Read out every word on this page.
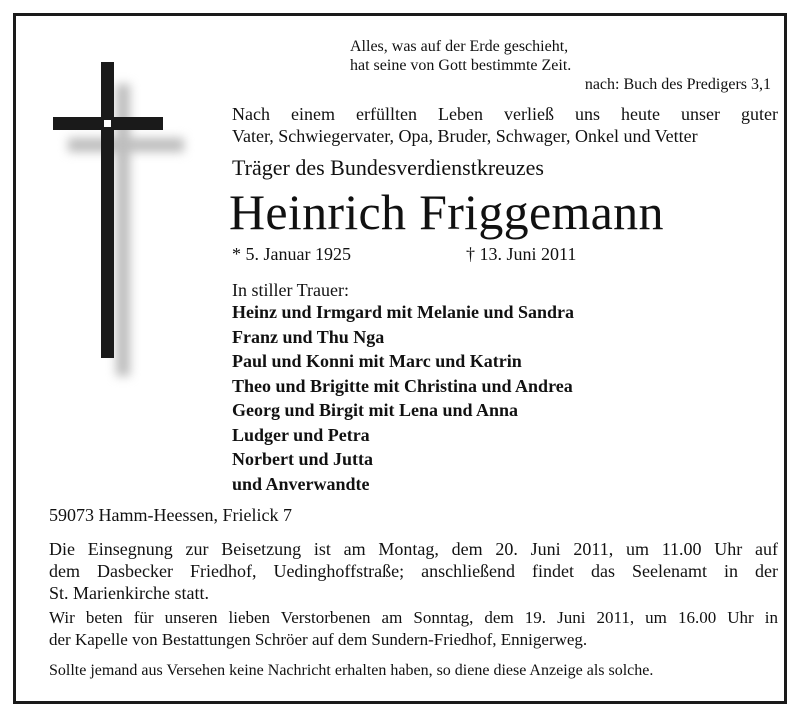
Alles, was auf der Erde geschieht,
hat seine von Gott bestimmte Zeit.
nach: Buch des Predigers 3,1
Nach einem erfüllten Leben verließ uns heute unser guter
Vater, Schwiegervater, Opa, Bruder, Schwager, Onkel und Vetter
Träger des Bundesverdienstkreuzes
Heinrich Friggemann
* 5. Januar 1925	† 13. Juni 2011
In stiller Trauer:
Heinz und Irmgard mit Melanie und Sandra
Franz und Thu Nga
Paul und Konni mit Marc und Katrin
Theo und Brigitte mit Christina und Andrea
Georg und Birgit mit Lena und Anna
Ludger und Petra
Norbert und Jutta
und Anverwandte
59073 Hamm-Heessen, Frielick 7
Die Einsegnung zur Beisetzung ist am Montag, dem 20. Juni 2011, um 11.00 Uhr auf
dem Dasbecker Friedhof, Uedinghoffstraße; anschließend findet das Seelenamt in der
St. Marienkirche statt.
Wir beten für unseren lieben Verstorbenen am Sonntag, dem 19. Juni 2011, um 16.00 Uhr in
der Kapelle von Bestattungen Schröer auf dem Sundern-Friedhof, Ennigerweg.
Sollte jemand aus Versehen keine Nachricht erhalten haben, so diene diese Anzeige als solche.
